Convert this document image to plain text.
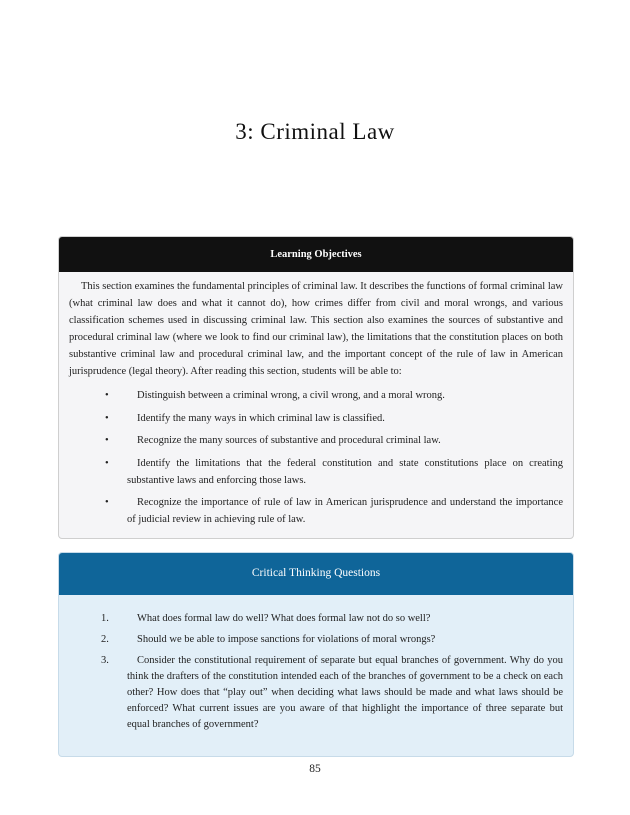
3: Criminal Law
Learning Objectives

This section examines the fundamental principles of criminal law. It describes the functions of formal criminal law (what criminal law does and what it cannot do), how crimes differ from civil and moral wrongs, and various classification schemes used in discussing criminal law. This section also examines the sources of substantive and procedural criminal law (where we look to find our criminal law), the limitations that the constitution places on both substantive criminal law and procedural criminal law, and the important concept of the rule of law in American jurisprudence (legal theory). After reading this section, students will be able to:

•	Distinguish between a criminal wrong, a civil wrong, and a moral wrong.
•	Identify the many ways in which criminal law is classified.
•	Recognize the many sources of substantive and procedural criminal law.
•	Identify the limitations that the federal constitution and state constitutions place on creating substantive laws and enforcing those laws.
•	Recognize the importance of rule of law in American jurisprudence and understand the importance of judicial review in achieving rule of law.
Critical Thinking Questions
1.	What does formal law do well? What does formal law not do so well?
2.	Should we be able to impose sanctions for violations of moral wrongs?
3.	Consider the constitutional requirement of separate but equal branches of government. Why do you think the drafters of the constitution intended each of the branches of government to be a check on each other? How does that “play out” when deciding what laws should be made and what laws should be enforced? What current issues are you aware of that highlight the importance of three separate but equal branches of government?
85
